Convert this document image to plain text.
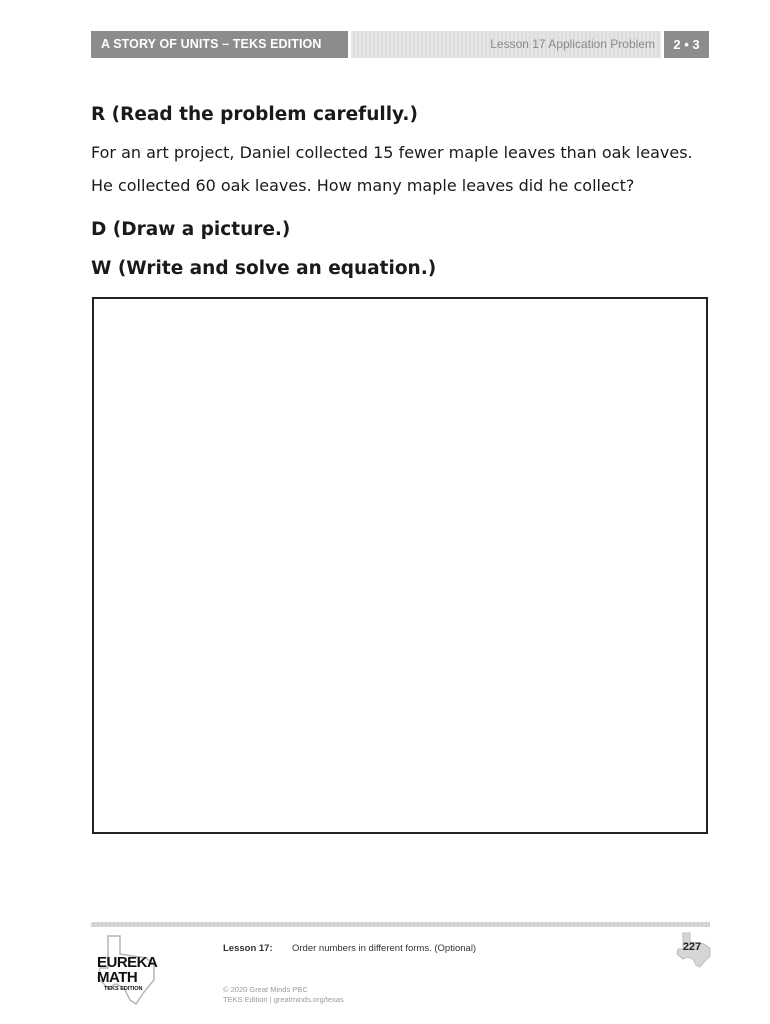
A STORY OF UNITS – TEKS EDITION	Lesson 17 Application Problem	2 • 3
R (Read the problem carefully.)
For an art project, Daniel collected 15 fewer maple leaves than oak leaves.
He collected 60 oak leaves. How many maple leaves did he collect?
D (Draw a picture.)
W (Write and solve an equation.)
EUREKA
MATH
TEKS EDITION
Lesson 17: Order numbers in different forms. (Optional)
© 2020 Great Minds PBC
TEKS Edition | greatminds.org/texas
227
